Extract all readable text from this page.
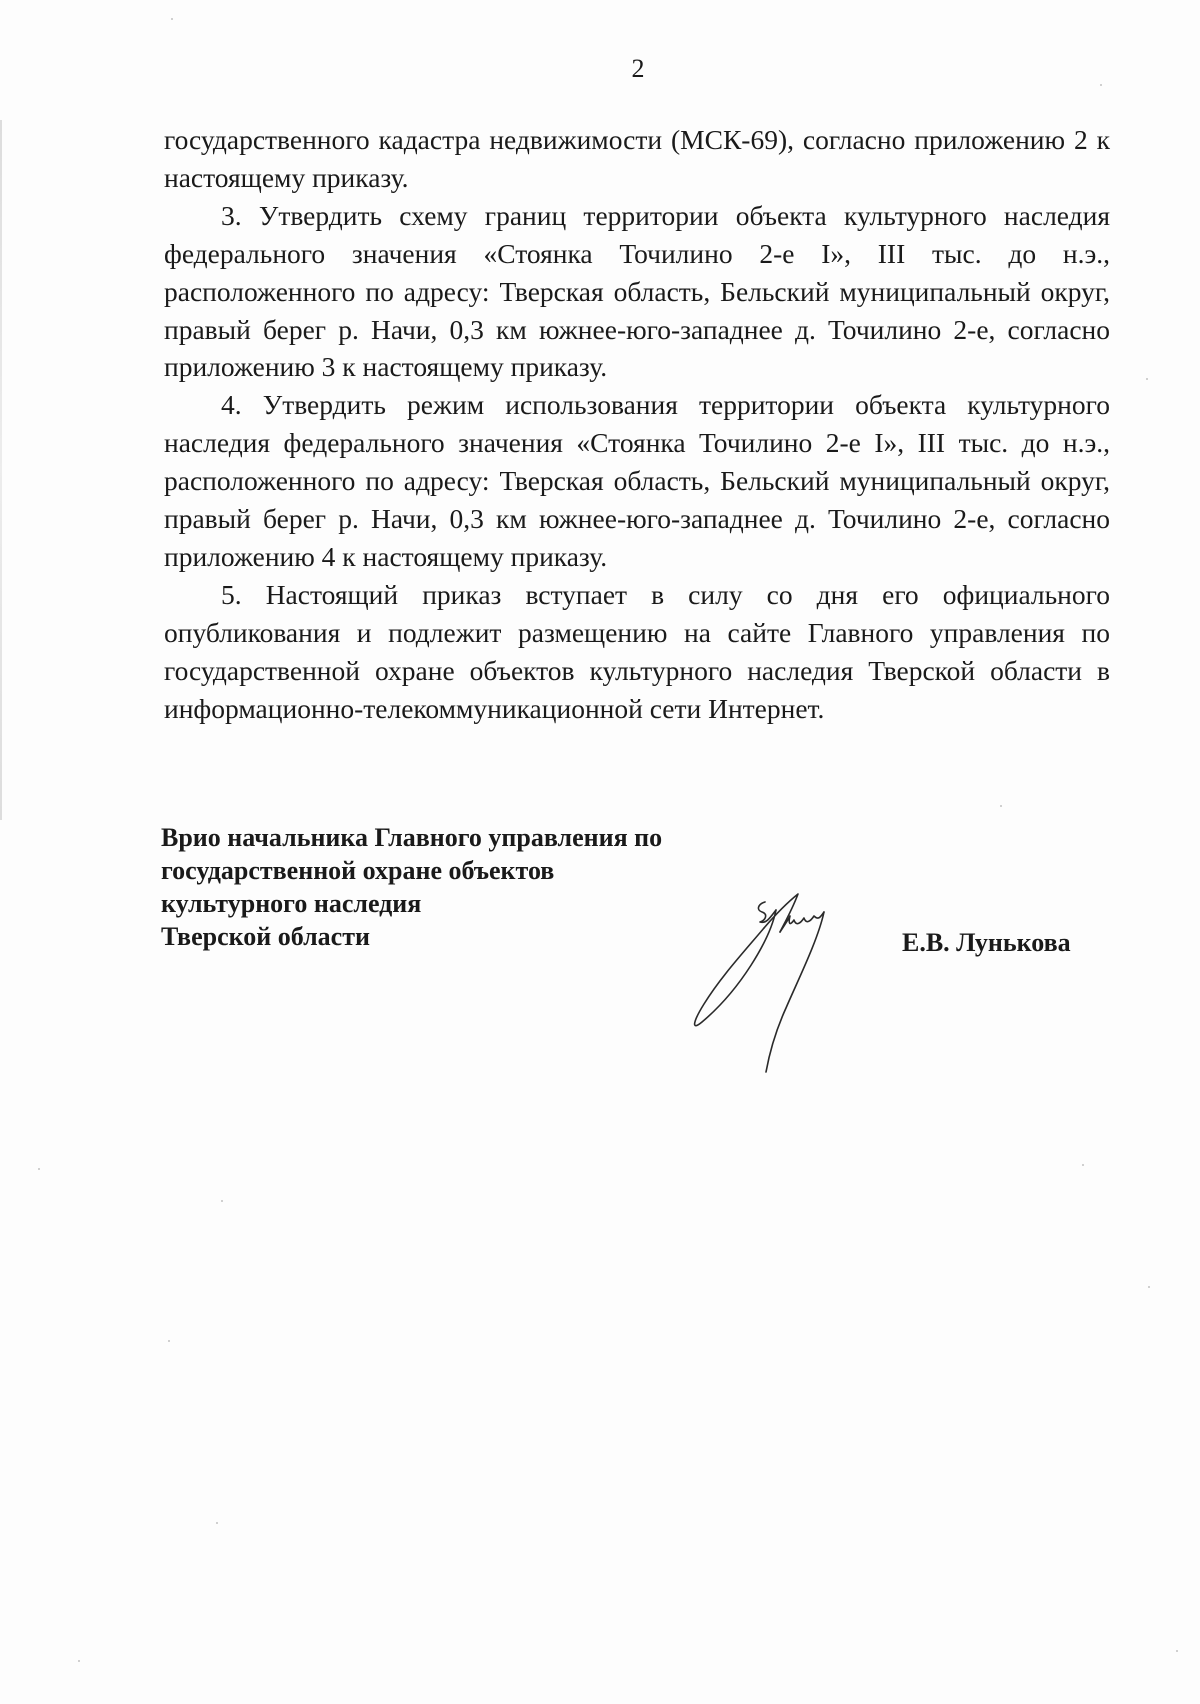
2

государственного кадастра недвижимости (МСК-69), согласно приложению 2 к настоящему приказу.

3. Утвердить схему границ территории объекта культурного наследия федерального значения «Стоянка Точилино 2-е I», III тыс. до н.э., расположенного по адресу: Тверская область, Бельский муниципальный округ, правый берег р. Начи, 0,3 км южнее-юго-западнее д. Точилино 2-е, согласно приложению 3 к настоящему приказу.

4. Утвердить режим использования территории объекта культурного наследия федерального значения «Стоянка Точилино 2-е I», III тыс. до н.э., расположенного по адресу: Тверская область, Бельский муниципальный округ, правый берег р. Начи, 0,3 км южнее-юго-западнее д. Точилино 2-е, согласно приложению 4 к настоящему приказу.

5. Настоящий приказ вступает в силу со дня его официального опубликования и подлежит размещению на сайте Главного управления по государственной охране объектов культурного наследия Тверской области в информационно-телекоммуникационной сети Интернет.

Врио начальника Главного управления по
государственной охране объектов
культурного наследия
Тверской области	Е.В. Лунькова
